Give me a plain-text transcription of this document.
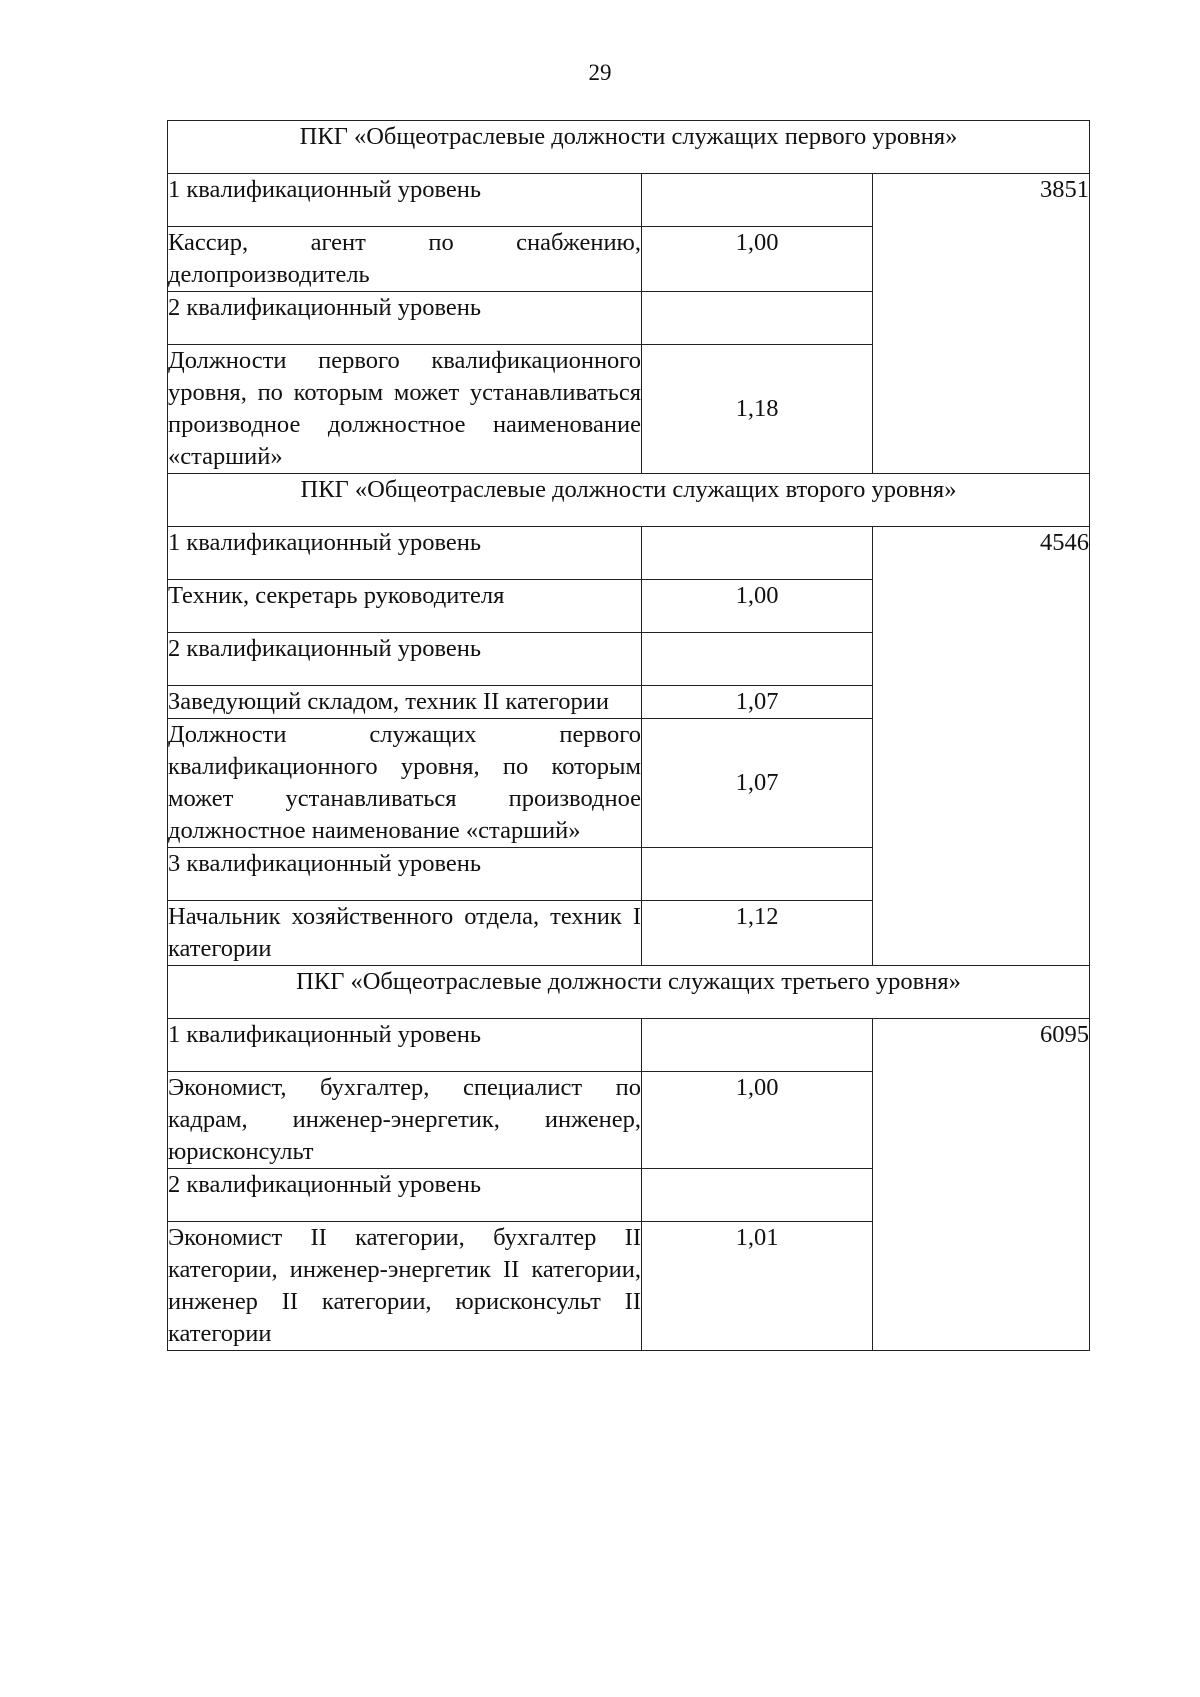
29
ПКГ «Общеотраслевые должности служащих первого уровня»		
1 квалификационный уровень		3851
Кассир, агент по снабжению, делопроизводитель	1,00	
2 квалификационный уровень		
Должности первого квалификационного уровня, по которым может устанавливаться производное должностное наименование «старший»	1,18	
ПКГ «Общеотраслевые должности служащих второго уровня»		
1 квалификационный уровень		4546
Техник, секретарь руководителя	1,00	
2 квалификационный уровень		
Заведующий складом, техник II категории	1,07	
Должности служащих первого квалификационного уровня, по которым может устанавливаться производное должностное наименование «старший»	1,07	
3 квалификационный уровень		
Начальник хозяйственного отдела, техник I категории	1,12	
ПКГ «Общеотраслевые должности служащих третьего уровня»		
1 квалификационный уровень		6095
Экономист, бухгалтер, специалист по кадрам, инженер-энергетик, инженер, юрисконсульт	1,00	
2 квалификационный уровень		
Экономист II категории, бухгалтер II категории, инженер-энергетик II категории, инженер II категории, юрисконсульт II категории	1,01	
